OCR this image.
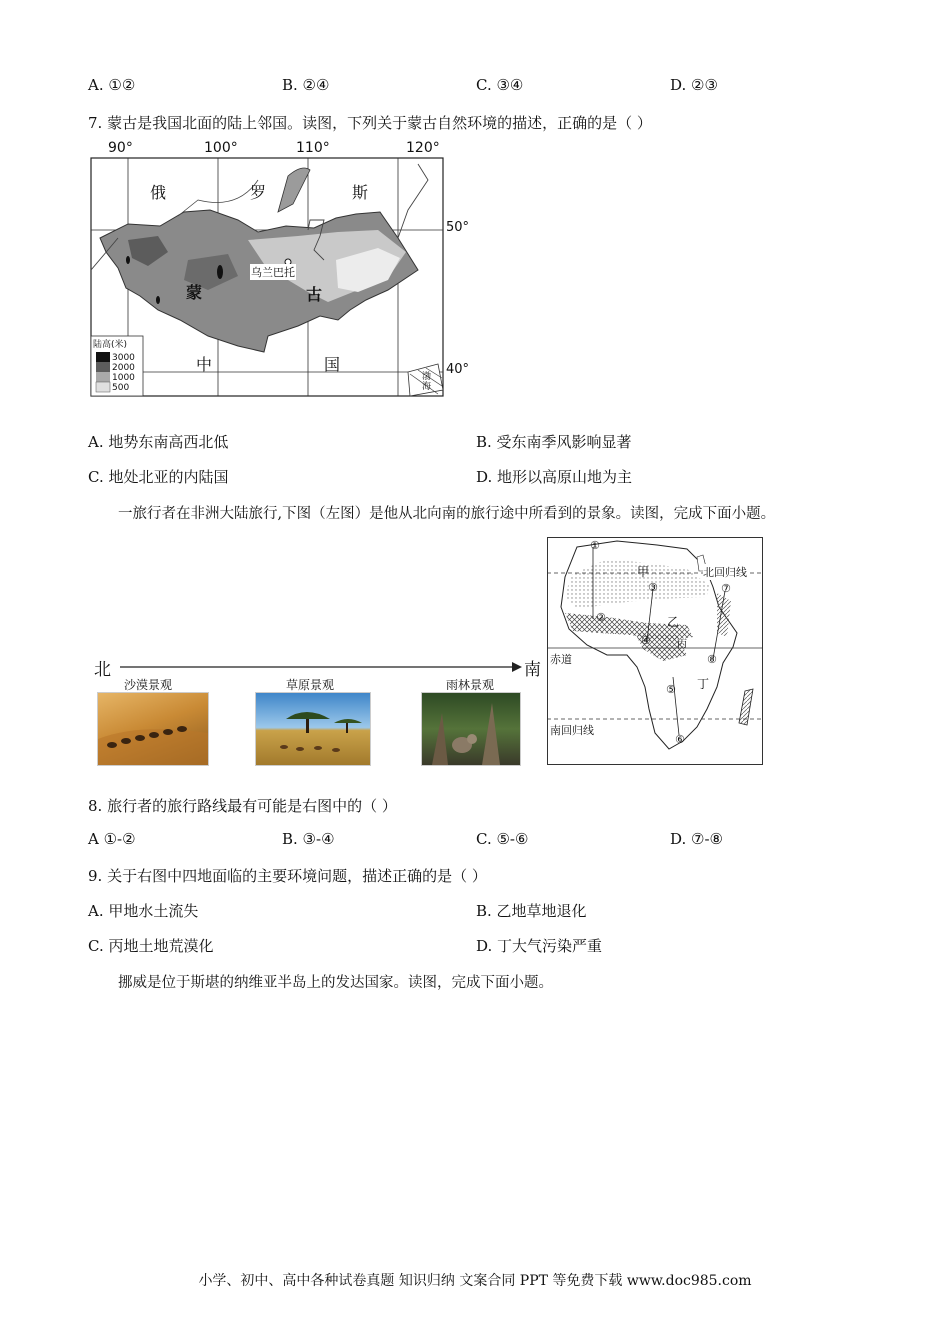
A. ①②	B. ②④	C. ③④	D. ②③
7. 蒙古是我国北面的陆上邻国。读图，下列关于蒙古自然环境的描述，正确的是（ ）
90°	100°	110°	120°
50°
40°
俄	罗	斯
蒙	古
中	国
乌兰巴托
渤海
陆高(米)
3000
2000
1000
500
A. 地势东南高西北低	B. 受东南季风影响显著
C. 地处北亚的内陆国	D. 地形以高原山地为主
一旅行者在非洲大陆旅行,下图（左图）是他从北向南的旅行途中所看到的景象。读图，完成下面小题。
北	南
沙漠景观	草原景观	雨林景观
甲
乙
丙
丁
北回归线
赤道
南回归线
①
②
③
④
⑤
⑥
⑦
⑧
8. 旅行者的旅行路线最有可能是右图中的（ ）
A ①-②	B. ③-④	C. ⑤-⑥	D. ⑦-⑧
9. 关于右图中四地面临的主要环境问题，描述正确的是（ ）
A. 甲地水土流失	B. 乙地草地退化
C. 丙地土地荒漠化	D. 丁大气污染严重
挪威是位于斯堪的纳维亚半岛上的发达国家。读图，完成下面小题。
小学、初中、高中各种试卷真题 知识归纳 文案合同 PPT 等免费下载 www.doc985.com
